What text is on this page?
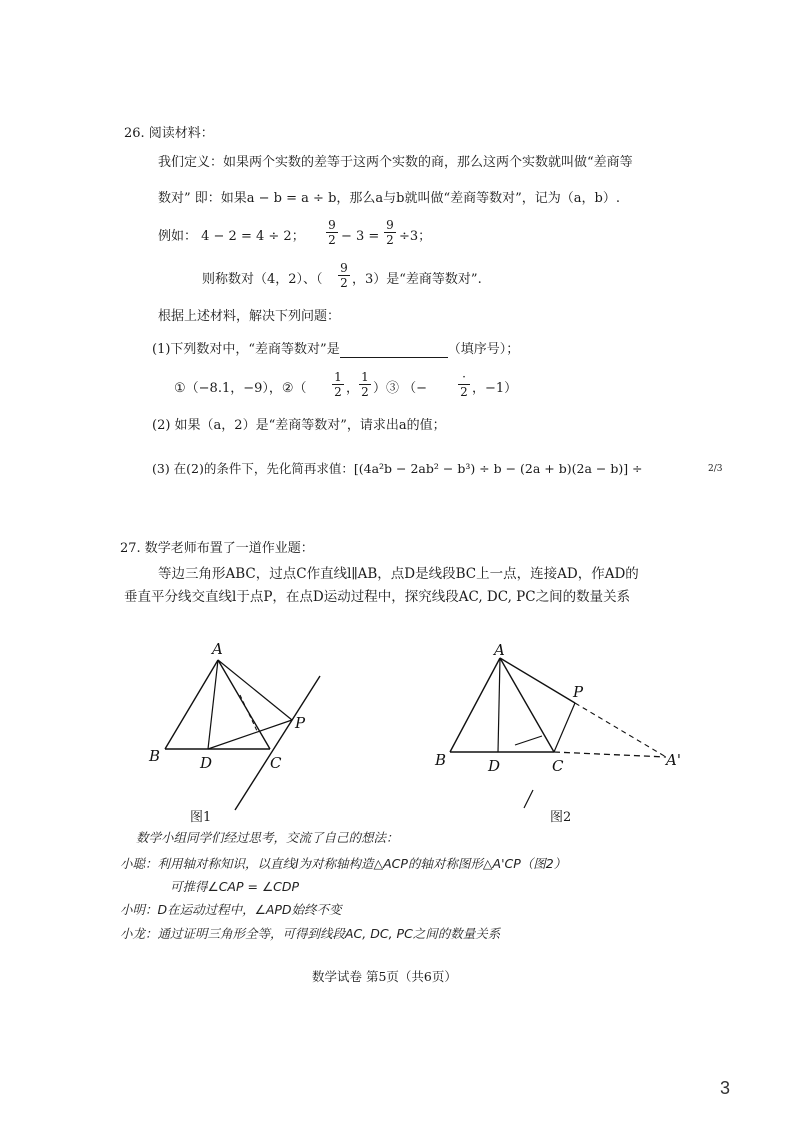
26. 阅读材料：
我们定义：如果两个实数的差等于这两个实数的商，那么这两个实数就叫做“差商等
数对” 即：如果a − b = a ÷ b，那么a与b就叫做“差商等数对”，记为（a，b）.
例如： 4 − 2 = 4 ÷ 2；
9
2 − 3 =
9
2 ÷3；
则称数对（4，2）、（
9
2 ，3）是“差商等数对”.
根据上述材料，解决下列问题：
(1)下列数对中，“差商等数对”是	（填序号）；
①（−8.1，−9），②（
1
2 ，
1
2 ）③ （−
·
2 ，−1）
(2) 如果（a，2）是“差商等数对”，请求出a的值；
(3) 在(2)的条件下，先化简再求值：[(4a²b − 2ab² − b³) ÷ b − (2a + b)(2a − b)] ÷	2/3
27. 数学老师布置了一道作业题：
等边三角形ABC，过点C作直线l∥AB，点D是线段BC上一点，连接AD，作AD的
垂直平分线交直线l于点P，在点D运动过程中，探究线段AC, DC, PC之间的数量关系
A
B	D	C
P
图1
A
B	D	C
P
A'
图2
数学小组同学们经过思考，交流了自己的想法：
小聪：利用轴对称知识，以直线l为对称轴构造△ACP的轴对称图形△A'CP（图2）
可推得∠CAP = ∠CDP
小明：D在运动过程中，∠APD始终不变
小龙：通过证明三角形全等，可得到线段AC, DC, PC之间的数量关系
数学试卷 第5页（共6页）
3
